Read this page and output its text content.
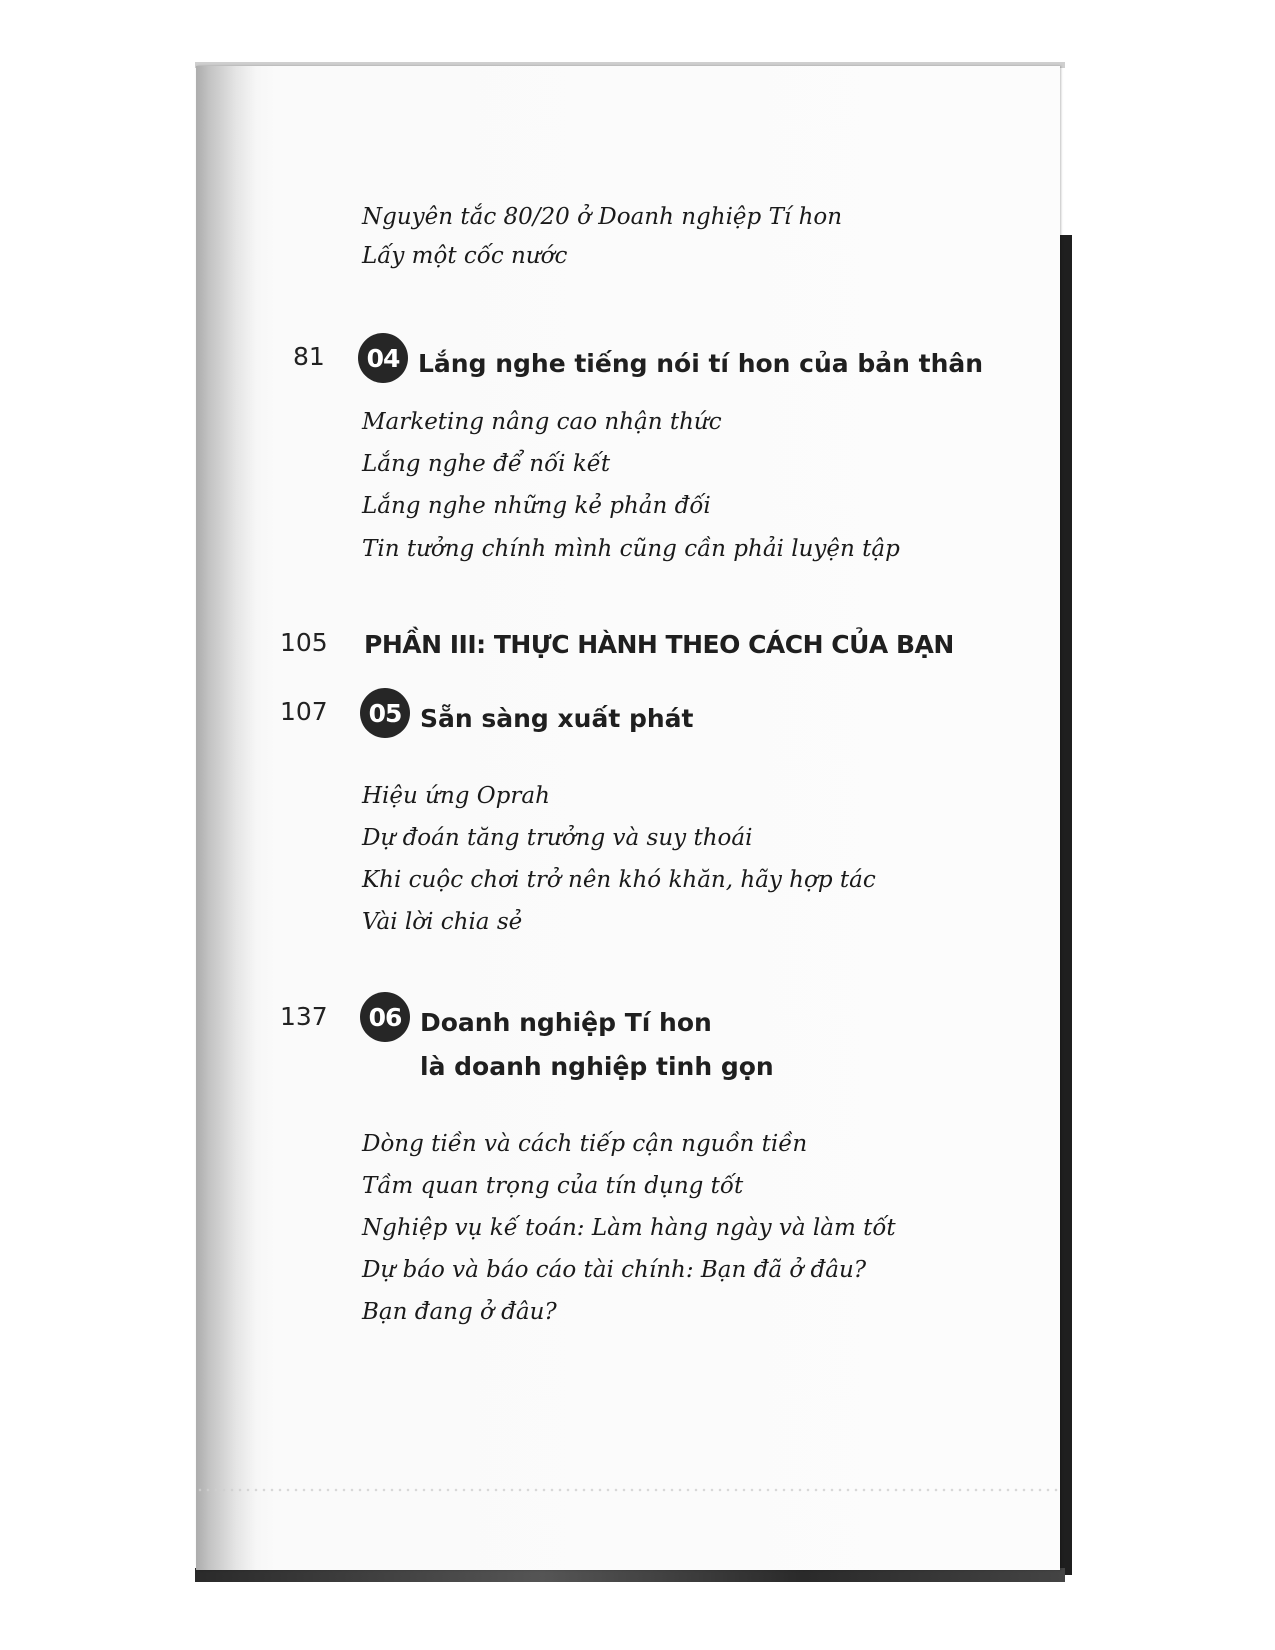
Nguyên tắc 80/20 ở Doanh nghiệp Tí hon
Lấy một cốc nước
81	04 Lắng nghe tiếng nói tí hon của bản thân
Marketing nâng cao nhận thức
Lắng nghe để nối kết
Lắng nghe những kẻ phản đối
Tin tưởng chính mình cũng cần phải luyện tập
105 PHẦN III: THỰC HÀNH THEO CÁCH CỦA BẠN
107	05 Sẵn sàng xuất phát
Hiệu ứng Oprah
Dự đoán tăng trưởng và suy thoái
Khi cuộc chơi trở nên khó khăn, hãy hợp tác
Vài lời chia sẻ
137	06 Doanh nghiệp Tí hon
là doanh nghiệp tinh gọn
Dòng tiền và cách tiếp cận nguồn tiền
Tầm quan trọng của tín dụng tốt
Nghiệp vụ kế toán: Làm hàng ngày và làm tốt
Dự báo và báo cáo tài chính: Bạn đã ở đâu?
Bạn đang ở đâu?
